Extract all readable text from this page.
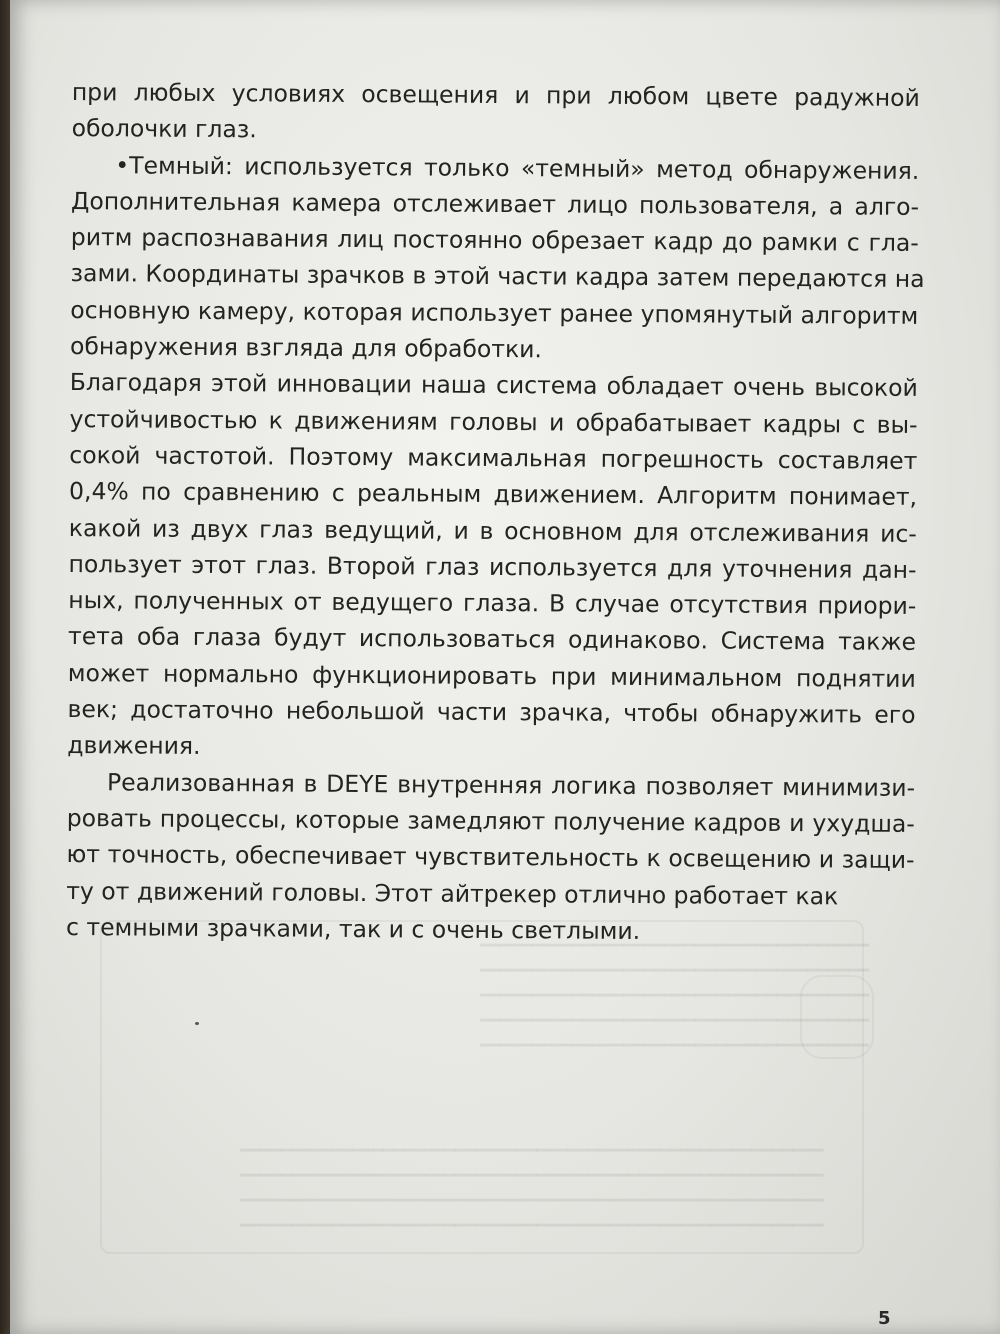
━━━━━━━━━━━━━━━━━━━━━━━━━━━━━━━━━━━━━━
━━━━━━━━━━━━━━━━━━━━━━━━━━━━━━━━━━━━━━
━━━━━━━━━━━━━━━━━━━━━━━━━━━━━━━━━━━━━━
━━━━━━━━━━━━━━━━━━━━━━━━━━━━━━━━━━━━━━
━━━━━━━━━━━━━━━━━━━━━━━━━━━━━━━━━━━━━━
━━━━━━━━━━━━━━━━━━━━━━━━━━━━━━━━━━━━━━━━━━━━━━━━━━━━━━━━━
━━━━━━━━━━━━━━━━━━━━━━━━━━━━━━━━━━━━━━━━━━━━━━━━━━━━━━━━━
━━━━━━━━━━━━━━━━━━━━━━━━━━━━━━━━━━━━━━━━━━━━━━━━━━━━━━━━━
━━━━━━━━━━━━━━━━━━━━━━━━━━━━━━━━━━━━━━━━━━━━━━━━━━━━━━━━━
при любых условиях освещения и при любом цвете радужной
оболочки глаз.
•Темный: используется только «темный» метод обнаружения.
Дополнительная камера отслеживает лицо пользователя, а алго-
ритм распознавания лиц постоянно обрезает кадр до рамки с гла-
зами. Координаты зрачков в этой части кадра затем передаются на
основную камеру, которая использует ранее упомянутый алгоритм
обнаружения взгляда для обработки.
Благодаря этой инновации наша система обладает очень высокой
устойчивостью к движениям головы и обрабатывает кадры с вы-
сокой частотой. Поэтому максимальная погрешность составляет
0,4% по сравнению с реальным движением. Алгоритм понимает,
какой из двух глаз ведущий, и в основном для отслеживания ис-
пользует этот глаз. Второй глаз используется для уточнения дан-
ных, полученных от ведущего глаза. В случае отсутствия приори-
тета оба глаза будут использоваться одинаково. Система также
может нормально функционировать при минимальном поднятии
век; достаточно небольшой части зрачка, чтобы обнаружить его
движения.
Реализованная в DEYE внутренняя логика позволяет минимизи-
ровать процессы, которые замедляют получение кадров и ухудша-
ют точность, обеспечивает чувствительность к освещению и защи-
ту от движений головы. Этот айтрекер отлично работает как
с темными зрачками, так и с очень светлыми.
5
